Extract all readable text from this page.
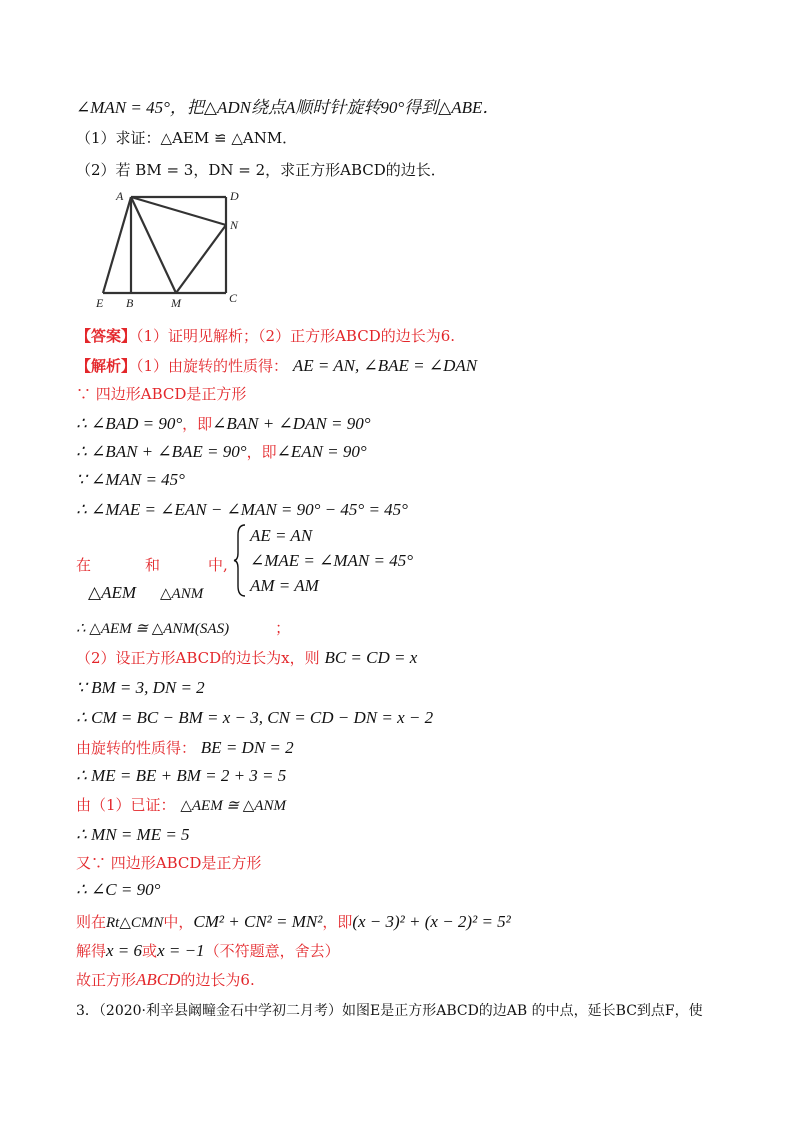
∠MAN = 45°，把△ADN绕点A顺时针旋转90°得到△ABE．
（1）求证：△AEM ≌ △ANM．
（2）若 BM = 3，DN = 2，求正方形ABCD的边长．
A	D
N
E B	M	C
【答案】（1）证明见解析；（2）正方形ABCD的边长为6.
【解析】（1）由旋转的性质得： AE = AN, ∠BAE = ∠DAN
∵ 四边形ABCD是正方形
∴ ∠BAD = 90°，即∠BAN + ∠DAN = 90°
∴ ∠BAN + ∠BAE = 90°，即∠EAN = 90°
∵ ∠MAN = 45°
∴ ∠MAE = ∠EAN − ∠MAN = 90° − 45° = 45°
在	和	中,
△AEM △ANM
AE = AN
∠MAE = ∠MAN = 45°
AM = AM
∴ △AEM ≅ △ANM(SAS)	；
（2）设正方形ABCD的边长为x，则 BC = CD = x
∵ BM = 3, DN = 2
∴ CM = BC − BM = x − 3, CN = CD − DN = x − 2
由旋转的性质得： BE = DN = 2
∴ ME = BE + BM = 2 + 3 = 5
由（1）已证： △AEM ≅ △ANM
∴ MN = ME = 5
又∵ 四边形ABCD是正方形
∴ ∠C = 90°
则在Rt△CMN中，CM² + CN² = MN²，即(x − 3)² + (x − 2)² = 5²
解得x = 6或x = −1（不符题意，舍去）
故正方形ABCD的边长为6.
3．（2020·利辛县阚疃金石中学初二月考）如图E是正方形ABCD的边AB 的中点，延长BC到点F，使
